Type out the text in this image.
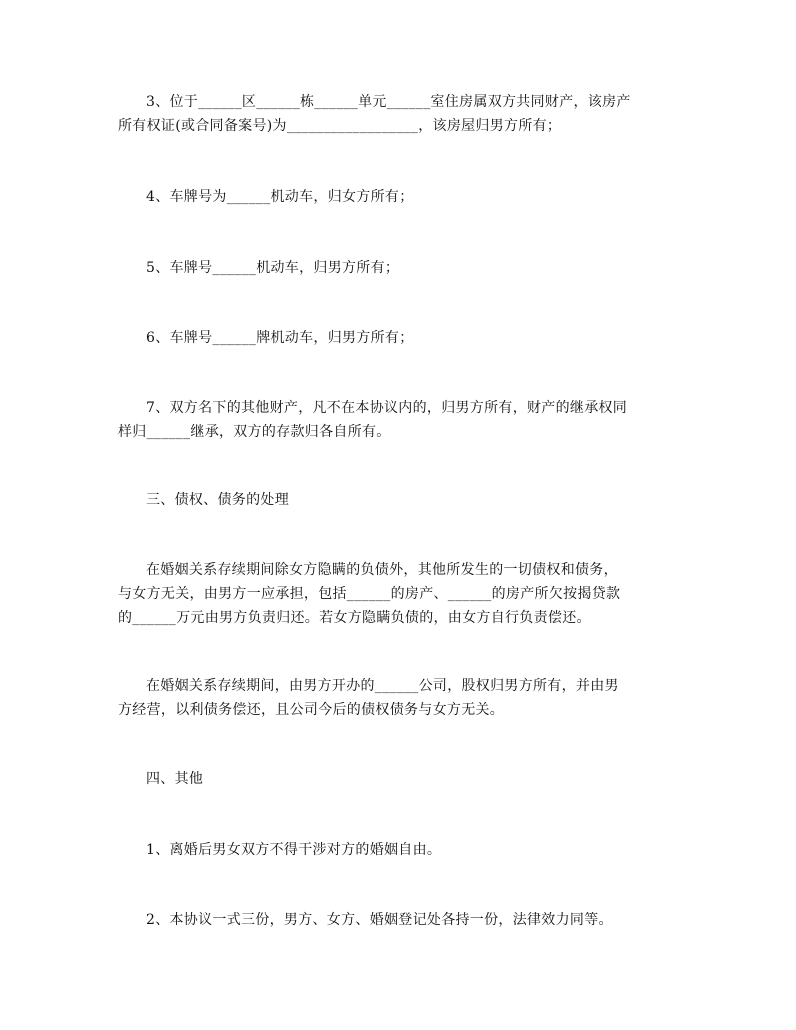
3、位于______区______栋______单元______室住房属双方共同财产，该房产
所有权证(或合同备案号)为__________________，该房屋归男方所有；

4、车牌号为______机动车，归女方所有；

5、车牌号______机动车，归男方所有；

6、车牌号______牌机动车，归男方所有；

7、双方名下的其他财产，凡不在本协议内的，归男方所有，财产的继承权同
样归______继承，双方的存款归各自所有。

三、债权、债务的处理

在婚姻关系存续期间除女方隐瞒的负债外，其他所发生的一切债权和债务，
与女方无关，由男方一应承担，包括______的房产、______的房产所欠按揭贷款
的______万元由男方负责归还。若女方隐瞒负债的，由女方自行负责偿还。

在婚姻关系存续期间，由男方开办的______公司，股权归男方所有，并由男
方经营，以利债务偿还，且公司今后的债权债务与女方无关。

四、其他

1、离婚后男女双方不得干涉对方的婚姻自由。

2、本协议一式三份，男方、女方、婚姻登记处各持一份，法律效力同等。
